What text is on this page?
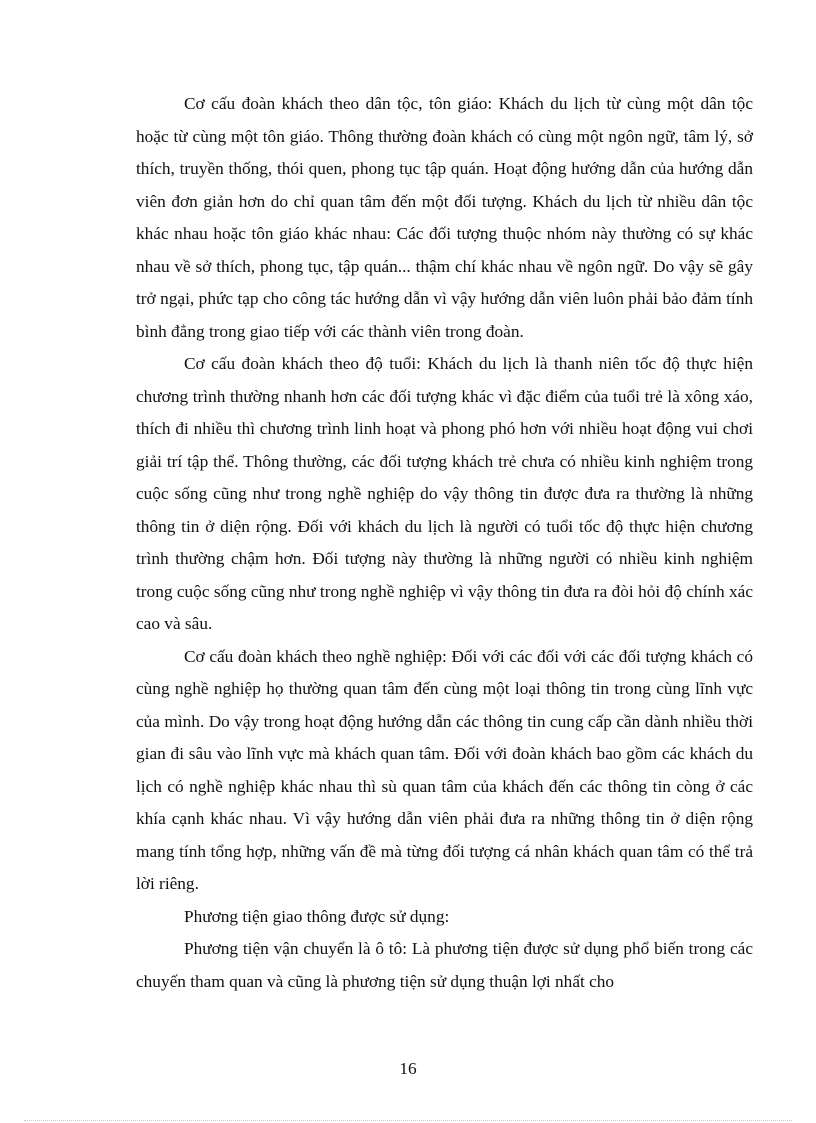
Cơ cấu đoàn khách theo dân tộc, tôn giáo: Khách du lịch từ cùng một dân tộc hoặc từ cùng một tôn giáo. Thông thường đoàn khách có cùng một ngôn ngữ, tâm lý, sở thích, truyền thống, thói quen, phong tục tập quán. Hoạt động hướng dẫn của hướng dẫn viên đơn giản hơn do chỉ quan tâm đến một đối tượng. Khách du lịch từ nhiều dân tộc khác nhau hoặc tôn giáo khác nhau: Các đối tượng thuộc nhóm này thường có sự khác nhau về sở thích, phong tục, tập quán... thậm chí khác nhau về ngôn ngữ. Do vậy sẽ gây trở ngại, phức tạp cho công tác hướng dẫn vì vậy hướng dẫn viên luôn phải bảo đảm tính bình đẳng trong giao tiếp với các thành viên trong đoàn.

Cơ cấu đoàn khách theo độ tuổi: Khách du lịch là thanh niên tốc độ thực hiện chương trình thường nhanh hơn các đối tượng khác vì đặc điểm của tuổi trẻ là xông xáo, thích đi nhiều thì chương trình linh hoạt và phong phó hơn với nhiều hoạt động vui chơi giải trí tập thể. Thông thường, các đối tượng khách trẻ chưa có nhiều kinh nghiệm trong cuộc sống cũng như trong nghề nghiệp do vậy thông tin được đưa ra thường là những thông tin ở diện rộng. Đối với khách du lịch là người có tuổi tốc độ thực hiện chương trình thường chậm hơn. Đối tượng này thường là những người có nhiều kinh nghiệm trong cuộc sống cũng như trong nghề nghiệp vì vậy thông tin đưa ra đòi hỏi độ chính xác cao và sâu.

Cơ cấu đoàn khách theo nghề nghiệp: Đối với các đối với các đối tượng khách có cùng nghề nghiệp họ thường quan tâm đến cùng một loại thông tin trong cùng lĩnh vực của mình. Do vậy trong hoạt động hướng dẫn các thông tin cung cấp cần dành nhiều thời gian đi sâu vào lĩnh vực mà khách quan tâm. Đối với đoàn khách bao gồm các khách du lịch có nghề nghiệp khác nhau thì sù quan tâm của khách đến các thông tin còng ở các khía cạnh khác nhau. Vì vậy hướng dẫn viên phải đưa ra những thông tin ở diện rộng mang tính tổng hợp, những vấn đề mà từng đối tượng cá nhân khách quan tâm có thể trả lời riêng.

Phương tiện giao thông được sử dụng:

Phương tiện vận chuyển là ô tô: Là phương tiện được sử dụng phổ biến trong các chuyến tham quan và cũng là phương tiện sử dụng thuận lợi nhất cho

16
